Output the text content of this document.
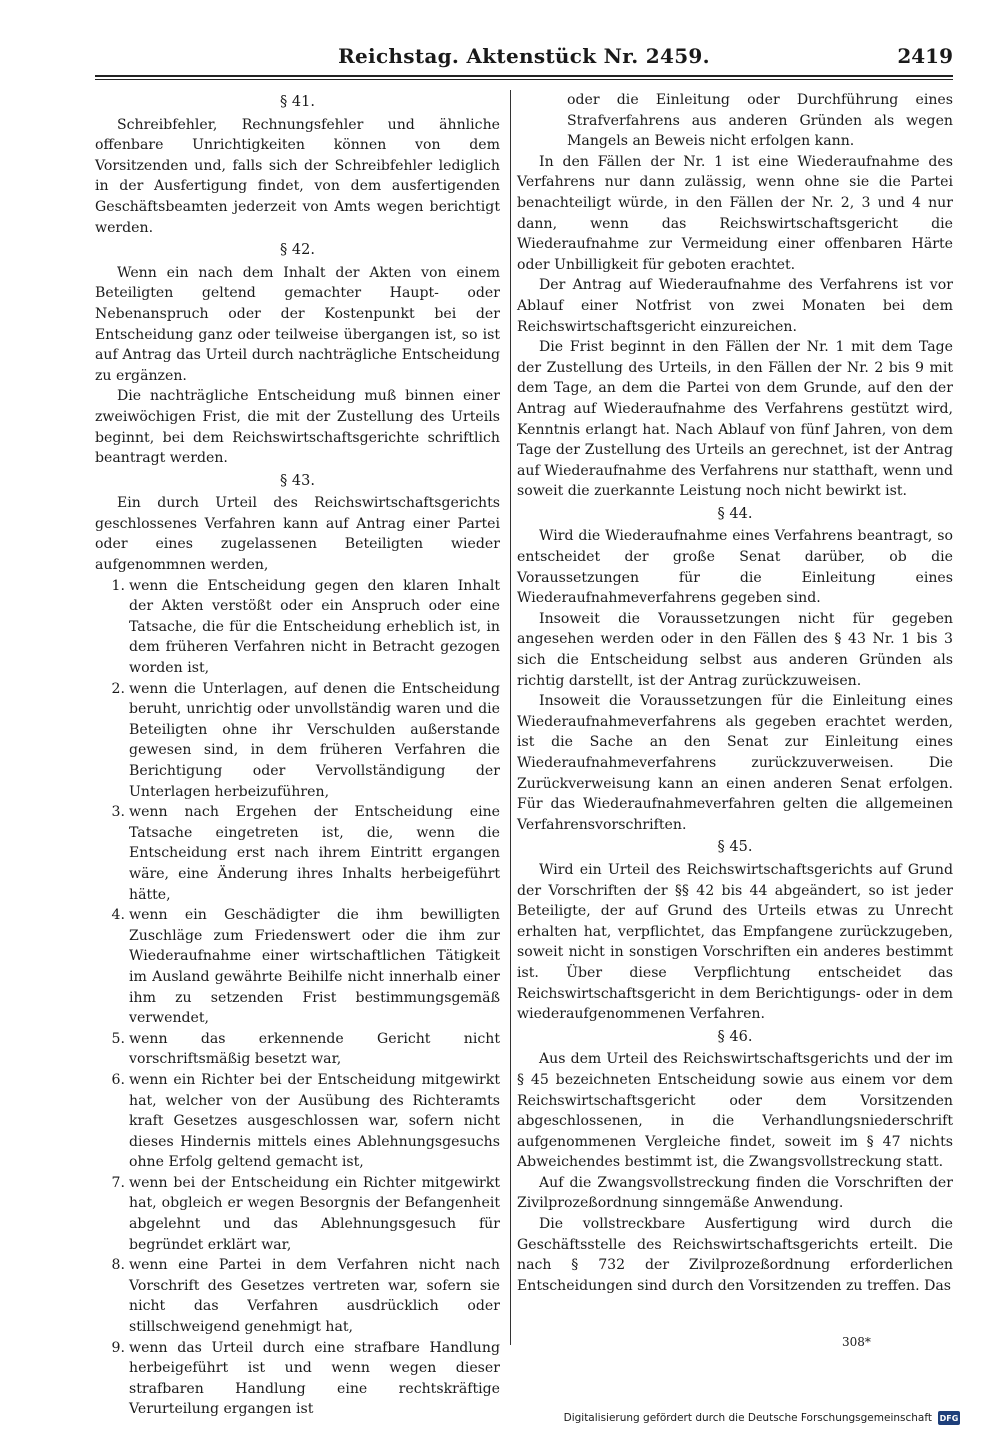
Reichstag. Aktenstück Nr. 2459.	2419
§ 41.

Schreibfehler, Rechnungsfehler und ähnliche offenbare Unrichtigkeiten können von dem Vorsitzenden und, falls sich der Schreibfehler lediglich in der Ausfertigung findet, von dem ausfertigenden Geschäftsbeamten jederzeit von Amts wegen berichtigt werden.

§ 42.

Wenn ein nach dem Inhalt der Akten von einem Beteiligten geltend gemachter Haupt- oder Nebenanspruch oder der Kostenpunkt bei der Entscheidung ganz oder teilweise übergangen ist, so ist auf Antrag das Urteil durch nachträgliche Entscheidung zu ergänzen.

Die nachträgliche Entscheidung muß binnen einer zweiwöchigen Frist, die mit der Zustellung des Urteils beginnt, bei dem Reichswirtschaftsgerichte schriftlich beantragt werden.

§ 43.

Ein durch Urteil des Reichswirtschaftsgerichts geschlossenes Verfahren kann auf Antrag einer Partei oder eines zugelassenen Beteiligten wieder aufgenommnen werden,

1. wenn die Entscheidung gegen den klaren Inhalt der Akten verstößt oder ein Anspruch oder eine Tatsache, die für die Entscheidung erheblich ist, in dem früheren Verfahren nicht in Betracht gezogen worden ist,
2. wenn die Unterlagen, auf denen die Entscheidung beruht, unrichtig oder unvollständig waren und die Beteiligten ohne ihr Verschulden außerstande gewesen sind, in dem früheren Verfahren die Berichtigung oder Vervollständigung der Unterlagen herbeizuführen,
3. wenn nach Ergehen der Entscheidung eine Tatsache eingetreten ist, die, wenn die Entscheidung erst nach ihrem Eintritt ergangen wäre, eine Änderung ihres Inhalts herbeigeführt hätte,
4. wenn ein Geschädigter die ihm bewilligten Zuschläge zum Friedenswert oder die ihm zur Wiederaufnahme einer wirtschaftlichen Tätigkeit im Ausland gewährte Beihilfe nicht innerhalb einer ihm zu setzenden Frist bestimmungsgemäß verwendet,
5. wenn das erkennende Gericht nicht vorschriftsmäßig besetzt war,
6. wenn ein Richter bei der Entscheidung mitgewirkt hat, welcher von der Ausübung des Richteramts kraft Gesetzes ausgeschlossen war, sofern nicht dieses Hindernis mittels eines Ablehnungsgesuchs ohne Erfolg geltend gemacht ist,
7. wenn bei der Entscheidung ein Richter mitgewirkt hat, obgleich er wegen Besorgnis der Befangenheit abgelehnt und das Ablehnungsgesuch für begründet erklärt war,
8. wenn eine Partei in dem Verfahren nicht nach Vorschrift des Gesetzes vertreten war, sofern sie nicht das Verfahren ausdrücklich oder stillschweigend genehmigt hat,
9. wenn das Urteil durch eine strafbare Handlung herbeigeführt ist und wenn wegen dieser strafbaren Handlung eine rechtskräftige Verurteilung ergangen ist

oder die Einleitung oder Durchführung eines Strafverfahrens aus anderen Gründen als wegen Mangels an Beweis nicht erfolgen kann.

In den Fällen der Nr. 1 ist eine Wiederaufnahme des Verfahrens nur dann zulässig, wenn ohne sie die Partei benachteiligt würde, in den Fällen der Nr. 2, 3 und 4 nur dann, wenn das Reichswirtschaftsgericht die Wiederaufnahme zur Vermeidung einer offenbaren Härte oder Unbilligkeit für geboten erachtet.

Der Antrag auf Wiederaufnahme des Verfahrens ist vor Ablauf einer Notfrist von zwei Monaten bei dem Reichswirtschaftsgericht einzureichen.

Die Frist beginnt in den Fällen der Nr. 1 mit dem Tage der Zustellung des Urteils, in den Fällen der Nr. 2 bis 9 mit dem Tage, an dem die Partei von dem Grunde, auf den der Antrag auf Wiederaufnahme des Verfahrens gestützt wird, Kenntnis erlangt hat. Nach Ablauf von fünf Jahren, von dem Tage der Zustellung des Urteils an gerechnet, ist der Antrag auf Wiederaufnahme des Verfahrens nur statthaft, wenn und soweit die zuerkannte Leistung noch nicht bewirkt ist.

§ 44.

Wird die Wiederaufnahme eines Verfahrens beantragt, so entscheidet der große Senat darüber, ob die Voraussetzungen für die Einleitung eines Wiederaufnahmeverfahrens gegeben sind.

Insoweit die Voraussetzungen nicht für gegeben angesehen werden oder in den Fällen des § 43 Nr. 1 bis 3 sich die Entscheidung selbst aus anderen Gründen als richtig darstellt, ist der Antrag zurückzuweisen.

Insoweit die Voraussetzungen für die Einleitung eines Wiederaufnahmeverfahrens als gegeben erachtet werden, ist die Sache an den Senat zur Einleitung eines Wiederaufnahmeverfahrens zurückzuverweisen. Die Zurückverweisung kann an einen anderen Senat erfolgen. Für das Wiederaufnahmeverfahren gelten die allgemeinen Verfahrensvorschriften.

§ 45.

Wird ein Urteil des Reichswirtschaftsgerichts auf Grund der Vorschriften der §§ 42 bis 44 abgeändert, so ist jeder Beteiligte, der auf Grund des Urteils etwas zu Unrecht erhalten hat, verpflichtet, das Empfangene zurückzugeben, soweit nicht in sonstigen Vorschriften ein anderes bestimmt ist. Über diese Verpflichtung entscheidet das Reichswirtschaftsgericht in dem Berichtigungs- oder in dem wiederaufgenommenen Verfahren.

§ 46.

Aus dem Urteil des Reichswirtschaftsgerichts und der im § 45 bezeichneten Entscheidung sowie aus einem vor dem Reichswirtschaftsgericht oder dem Vorsitzenden abgeschlossenen, in die Verhandlungsniederschrift aufgenommenen Vergleiche findet, soweit im § 47 nichts Abweichendes bestimmt ist, die Zwangsvollstreckung statt.

Auf die Zwangsvollstreckung finden die Vorschriften der Zivilprozeßordnung sinngemäße Anwendung.

Die vollstreckbare Ausfertigung wird durch die Geschäftsstelle des Reichswirtschaftsgerichts erteilt. Die nach § 732 der Zivilprozeßordnung erforderlichen Entscheidungen sind durch den Vorsitzenden zu treffen. Das

308*
Digitalisierung gefördert durch die Deutsche Forschungsgemeinschaft DFG
